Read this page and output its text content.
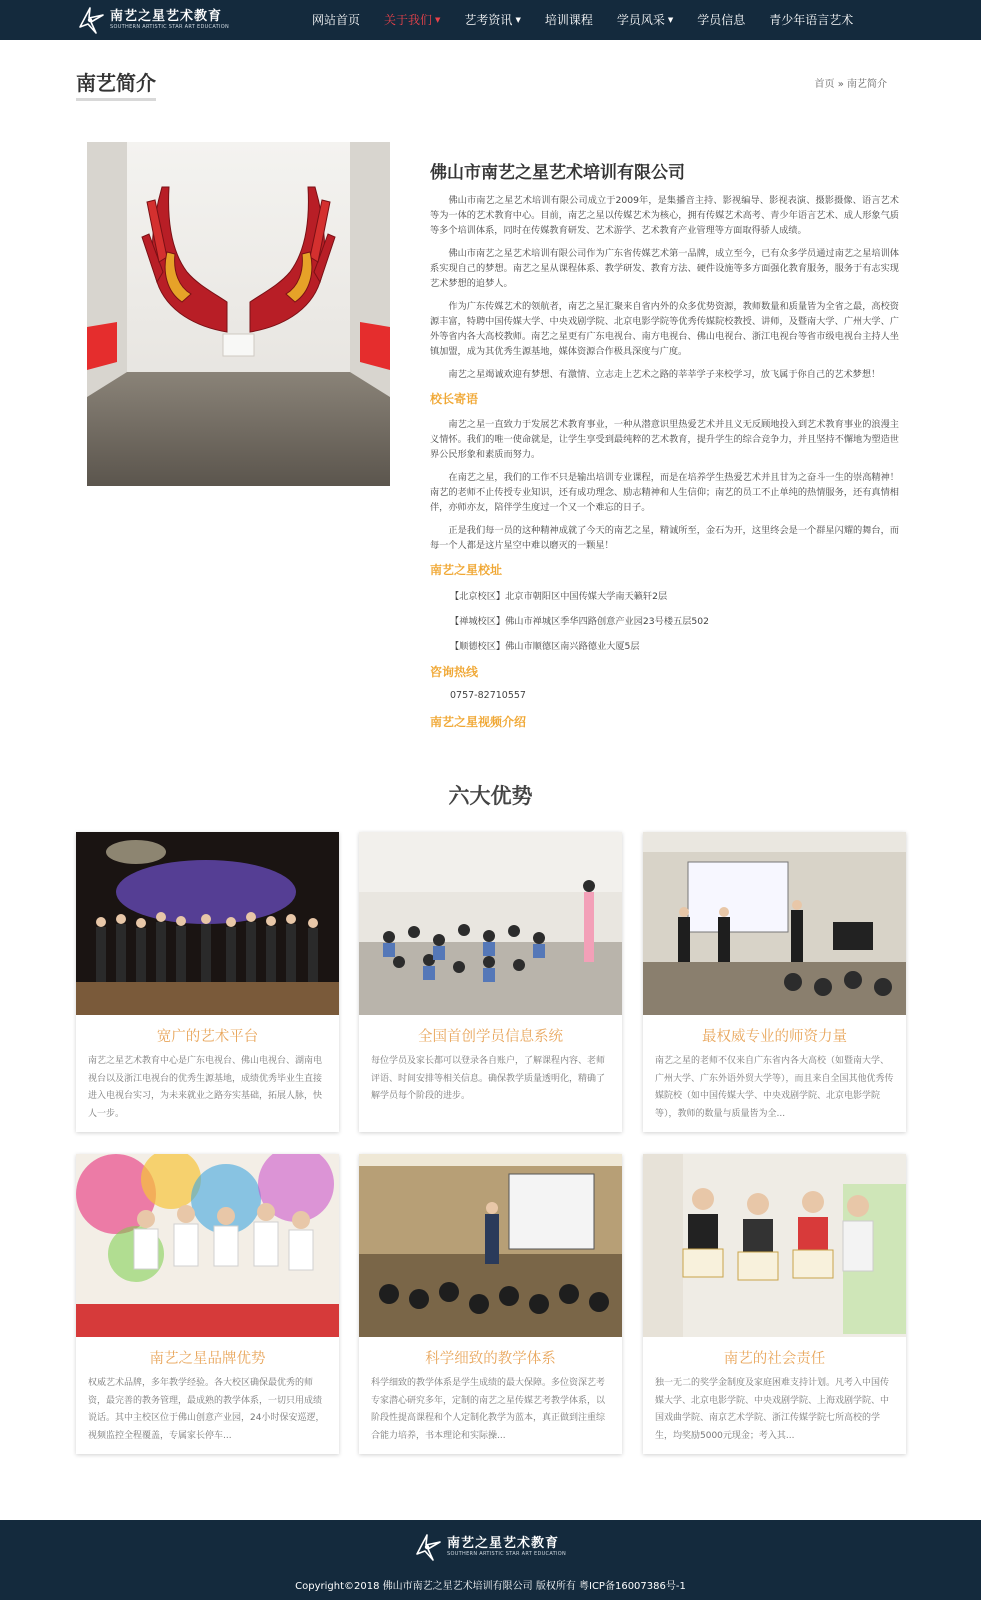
南艺之星艺术教育
SOUTHERN ARTISTIC STAR ART EDUCATION	网站首页	关于我们 ▼	艺考资讯 ▼	培训课程	学员风采 ▼	学员信息	青少年语言艺术
南艺简介	首页 » 南艺简介
佛山市南艺之星艺术培训有限公司

佛山市南艺之星艺术培训有限公司成立于2009年，是集播音主持、影视编导、影视表演、摄影摄像、语言艺术等为一体的艺术教育中心。目前，南艺之星以传媒艺术为核心，拥有传媒艺术高考、青少年语言艺术、成人形象气质等多个培训体系，同时在传媒教育研发、艺术游学、艺术教育产业管理等方面取得骄人成绩。

佛山市南艺之星艺术培训有限公司作为广东省传媒艺术第一品牌，成立至今，已有众多学员通过南艺之星培训体系实现自己的梦想。南艺之星从课程体系、教学研发、教育方法、硬件设施等多方面强化教育服务，服务于有志实现艺术梦想的追梦人。

作为广东传媒艺术的领航者，南艺之星汇聚来自省内外的众多优势资源，教师数量和质量皆为全省之最，高校资源丰富，特聘中国传媒大学、中央戏剧学院、北京电影学院等优秀传媒院校教授、讲师，及暨南大学、广州大学、广外等省内各大高校教师。南艺之星更有广东电视台、南方电视台、佛山电视台、浙江电视台等省市级电视台主持人坐镇加盟，成为其优秀生源基地，媒体资源合作极具深度与广度。

南艺之星竭诚欢迎有梦想、有激情、立志走上艺术之路的莘莘学子来校学习，放飞属于你自己的艺术梦想！

校长寄语

南艺之星一直致力于发展艺术教育事业，一种从潜意识里热爱艺术并且义无反顾地投入到艺术教育事业的浪漫主义情怀。我们的唯一使命就是，让学生享受到最纯粹的艺术教育，提升学生的综合竞争力，并且坚持不懈地为塑造世界公民形象和素质而努力。

在南艺之星，我们的工作不只是输出培训专业课程，而是在培养学生热爱艺术并且甘为之奋斗一生的崇高精神！南艺的老师不止传授专业知识，还有成功理念、励志精神和人生信仰；南艺的员工不止单纯的热情服务，还有真情相伴，亦师亦友，陪伴学生度过一个又一个难忘的日子。

正是我们每一员的这种精神成就了今天的南艺之星，精诚所至，金石为开，这里终会是一个群星闪耀的舞台，而每一个人都是这片星空中难以磨灭的一颗星！

南艺之星校址

【北京校区】北京市朝阳区中国传媒大学南天籁轩2层

【禅城校区】佛山市禅城区季华四路创意产业园23号楼五层502

【顺德校区】佛山市顺德区南兴路德业大厦5层

咨询热线

0757-82710557

南艺之星视频介绍
六大优势
宽广的艺术平台
南艺之星艺术教育中心是广东电视台、佛山电视台、湖南电视台以及浙江电视台的优秀生源基地，成绩优秀毕业生直接进入电视台实习，为未来就业之路夯实基础，拓展人脉，快人一步。
全国首创学员信息系统
每位学员及家长都可以登录各自账户，了解课程内容、老师评语、时间安排等相关信息。确保教学质量透明化，精确了解学员每个阶段的进步。
最权威专业的师资力量
南艺之星的老师不仅来自广东省内各大高校（如暨南大学、广州大学、广东外语外贸大学等），而且来自全国其他优秀传媒院校（如中国传媒大学、中央戏剧学院、北京电影学院等），教师的数量与质量皆为全...
南艺之星品牌优势
权威艺术品牌，多年教学经验。各大校区确保最优秀的师资，最完善的教务管理，最成熟的教学体系，一切只用成绩说话。其中主校区位于佛山创意产业园，24小时保安巡逻，视频监控全程覆盖，专属家长停车...
科学细致的教学体系
科学细致的教学体系是学生成绩的最大保障。多位资深艺考专家潜心研究多年，定制的南艺之星传媒艺考教学体系，以阶段性提高课程和个人定制化教学为蓝本，真正做到注重综合能力培养，书本理论和实际操...
南艺的社会责任
独一无二的奖学金制度及家庭困难支持计划。凡考入中国传媒大学、北京电影学院、中央戏剧学院、上海戏剧学院、中国戏曲学院、南京艺术学院、浙江传媒学院七所高校的学生，均奖励5000元现金；考入其...
南艺之星艺术教育
SOUTHERN ARTISTIC STAR ART EDUCATION
Copyright©2018 佛山市南艺之星艺术培训有限公司 版权所有 粤ICP备16007386号-1
